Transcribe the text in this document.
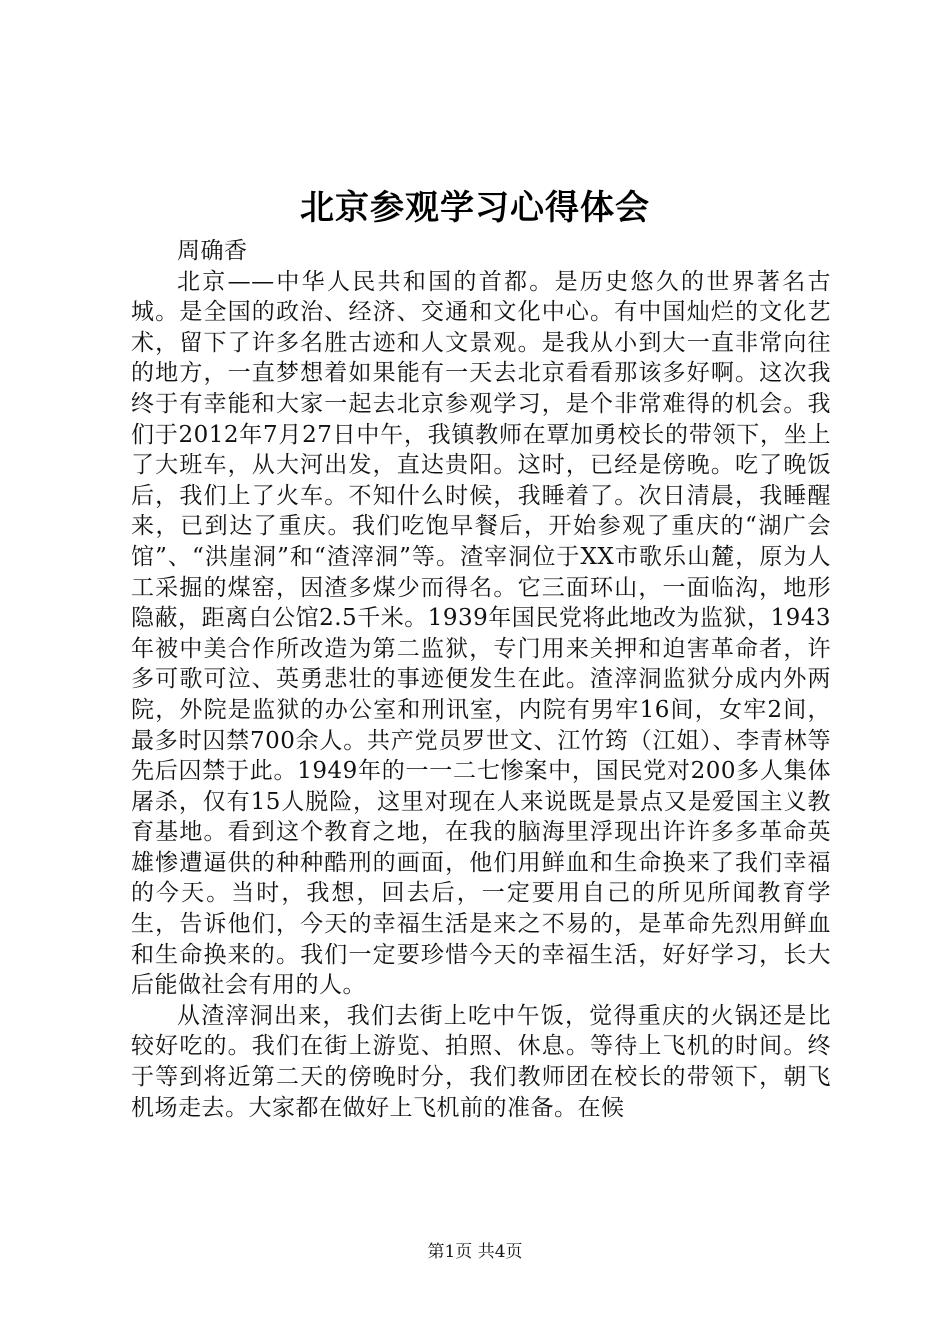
北京参观学习心得体会

周确香

北京——中华人民共和国的首都。是历史悠久的世界著名古城。是全国的政治、经济、交通和文化中心。有中国灿烂的文化艺术，留下了许多名胜古迹和人文景观。是我从小到大一直非常向往的地方，一直梦想着如果能有一天去北京看看那该多好啊。这次我终于有幸能和大家一起去北京参观学习，是个非常难得的机会。我们于2012年7月27日中午，我镇教师在覃加勇校长的带领下，坐上了大班车，从大河出发，直达贵阳。这时，已经是傍晚。吃了晚饭后，我们上了火车。不知什么时候，我睡着了。次日清晨，我睡醒来，已到达了重庆。我们吃饱早餐后，开始参观了重庆的“湖广会馆”、“洪崖洞”和“渣滓洞”等。渣宰洞位于XX市歌乐山麓，原为人工采掘的煤窑，因渣多煤少而得名。它三面环山，一面临沟，地形隐蔽，距离白公馆2.5千米。1939年国民党将此地改为监狱，1943年被中美合作所改造为第二监狱，专门用来关押和迫害革命者，许多可歌可泣、英勇悲壮的事迹便发生在此。渣滓洞监狱分成内外两院，外院是监狱的办公室和刑讯室，内院有男牢16间，女牢2间，最多时囚禁700余人。共产党员罗世文、江竹筠（江姐）、李青林等先后囚禁于此。1949年的一一二七惨案中，国民党对200多人集体屠杀，仅有15人脱险，这里对现在人来说既是景点又是爱国主义教育基地。看到这个教育之地，在我的脑海里浮现出许许多多革命英雄惨遭逼供的种种酷刑的画面，他们用鲜血和生命换来了我们幸福的今天。当时，我想，回去后，一定要用自己的所见所闻教育学生，告诉他们，今天的幸福生活是来之不易的，是革命先烈用鲜血和生命换来的。我们一定要珍惜今天的幸福生活，好好学习，长大后能做社会有用的人。

从渣滓洞出来，我们去街上吃中午饭，觉得重庆的火锅还是比较好吃的。我们在街上游览、拍照、休息。等待上飞机的时间。终于等到将近第二天的傍晚时分，我们教师团在校长的带领下，朝飞机场走去。大家都在做好上飞机前的准备。在候

第1页 共4页
